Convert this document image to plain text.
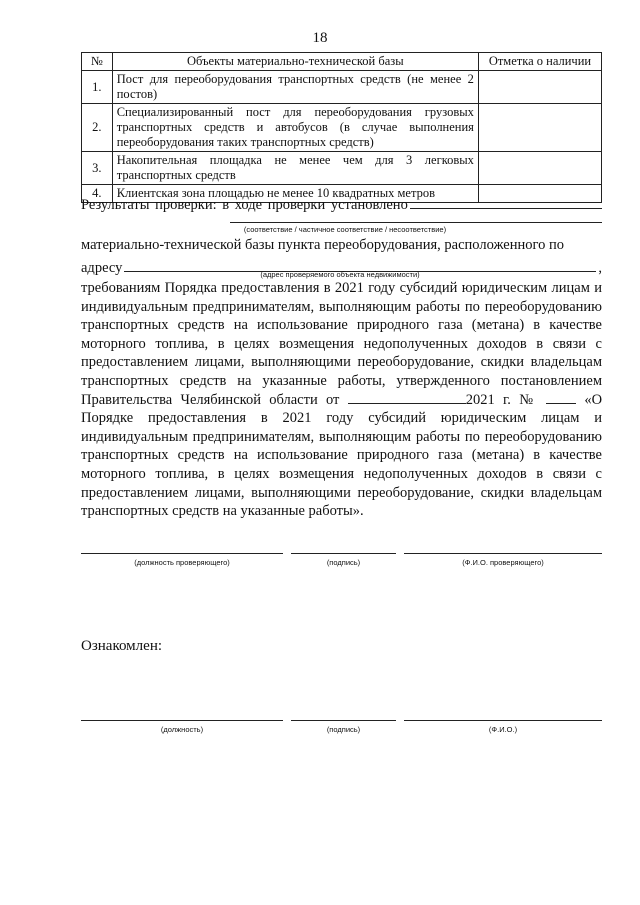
18
№	Объекты материально-технической базы	Отметка о наличии
1.	Пост для переоборудования транспортных средств (не менее 2 постов)	
2.	Специализированный пост для переоборудования грузовых транспортных средств и автобусов (в случае выполнения переоборудования таких транспортных средств)	
3.	Накопительная площадка не менее чем для 3 легковых транспортных средств	
4.	Клиентская зона площадью не менее 10 квадратных метров	
Результаты проверки: в ходе проверки установлено
(соответствие / частичное соответствие / несоответствие)
материально-технической базы пункта переоборудования, расположенного по
адресу	,
(адрес проверяемого объекта недвижимости)
требованиям Порядка предоставления в 2021 году субсидий юридическим лицам и индивидуальным предпринимателям, выполняющим работы по переоборудованию транспортных средств на использование природного газа (метана) в качестве моторного топлива, в целях возмещения недополученных доходов в связи с предоставлением лицами, выполняющими переоборудование, скидки владельцам транспортных средств на указанные работы, утвержденного постановлением Правительства Челябинской области от	2021 г. №	«О Порядке предоставления в 2021 году субсидий юридическим лицам и индивидуальным предпринимателям, выполняющим работы по переоборудованию транспортных средств на использование природного газа (метана) в качестве моторного топлива, в целях возмещения недополученных доходов в связи с предоставлением лицами, выполняющими переоборудование, скидки владельцам транспортных средств на указанные работы».
(должность проверяющего)	(подпись)	(Ф.И.О. проверяющего)
Ознакомлен:
(должность)	(подпись)	(Ф.И.О.)
